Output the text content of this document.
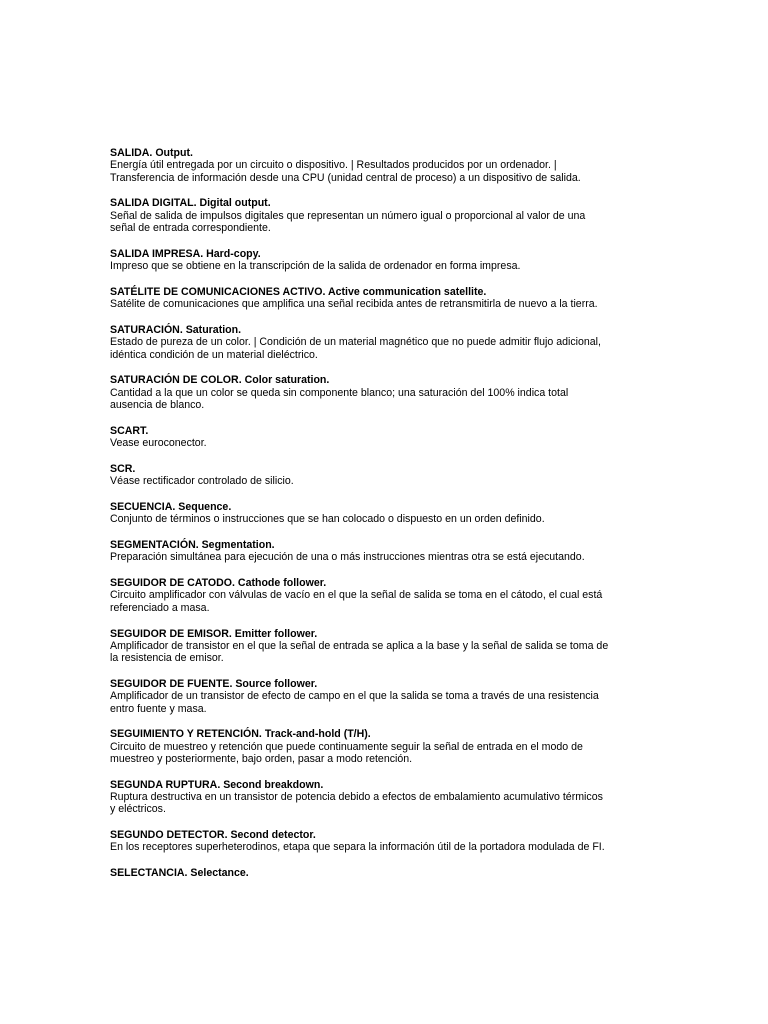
SALIDA. Output.
Energía útil entregada por un circuito o dispositivo. | Resultados producidos por un ordenador. |
Transferencia de información desde una CPU (unidad central de proceso) a un dispositivo de salida.
SALIDA DIGITAL. Digital output.
Señal de salida de impulsos digitales que representan un número igual o proporcional al valor de una
señal de entrada correspondiente.
SALIDA IMPRESA. Hard-copy.
Impreso que se obtiene en la transcripción de la salida de ordenador en forma impresa.
SATÉLITE DE COMUNICACIONES ACTIVO. Active communication satellite.
Satélite de comunicaciones que amplifica una señal recibida antes de retransmitirla de nuevo a la tierra.
SATURACIÓN. Saturation.
Estado de pureza de un color. | Condición de un material magnético que no puede admitir flujo adicional,
idéntica condición de un material dieléctrico.
SATURACIÓN DE COLOR. Color saturation.
Cantidad a la que un color se queda sin componente blanco; una saturación del 100% indica total
ausencia de blanco.
SCART.
Vease euroconector.
SCR.
Véase rectificador controlado de silicio.
SECUENCIA. Sequence.
Conjunto de términos o instrucciones que se han colocado o dispuesto en un orden definido.
SEGMENTACIÓN. Segmentation.
Preparación simultánea para ejecución de una o más instrucciones mientras otra se está ejecutando.
SEGUIDOR DE CATODO. Cathode follower.
Circuito amplificador con válvulas de vacío en el que la señal de salida se toma en el cátodo, el cual está
referenciado a masa.
SEGUIDOR DE EMISOR. Emitter follower.
Amplificador de transistor en el que la señal de entrada se aplica a la base y la señal de salida se toma de
la resistencia de emisor.
SEGUIDOR DE FUENTE. Source follower.
Amplificador de un transistor de efecto de campo en el que la salida se toma a través de una resistencia
entro fuente y masa.
SEGUIMIENTO Y RETENCIÓN. Track-and-hold (T/H).
Circuito de muestreo y retención que puede continuamente seguir la señal de entrada en el modo de
muestreo y posteriormente, bajo orden, pasar a modo retención.
SEGUNDA RUPTURA. Second breakdown.
Ruptura destructiva en un transistor de potencia debido a efectos de embalamiento acumulativo térmicos
y eléctricos.
SEGUNDO DETECTOR. Second detector.
En los receptores superheterodinos, etapa que separa la información útil de la portadora modulada de FI.
SELECTANCIA. Selectance.
